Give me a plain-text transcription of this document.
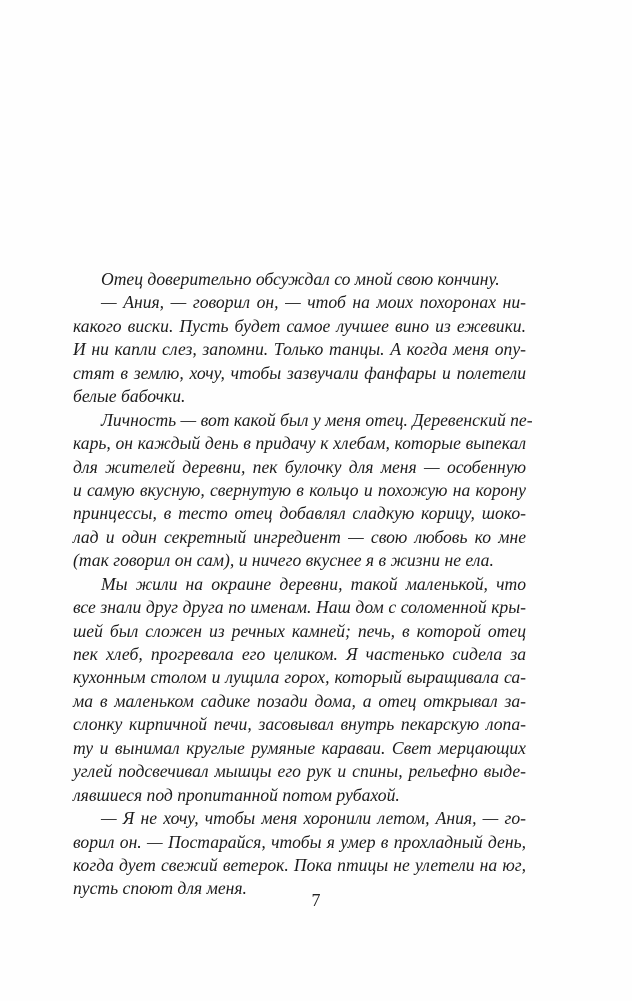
Отец доверительно обсуждал со мной свою кончину.
— Ания, — говорил он, — чтоб на моих похоронах ни-
какого виски. Пусть будет самое лучшее вино из ежевики.
И ни капли слез, запомни. Только танцы. А когда меня опу-
стят в землю, хочу, чтобы зазвучали фанфары и полетели
белые бабочки.
Личность — вот какой был у меня отец. Деревенский пе-
карь, он каждый день в придачу к хлебам, которые выпекал
для жителей деревни, пек булочку для меня — особенную
и самую вкусную, свернутую в кольцо и похожую на корону
принцессы, в тесто отец добавлял сладкую корицу, шоко-
лад и один секретный ингредиент — свою любовь ко мне
(так говорил он сам), и ничего вкуснее я в жизни не ела.
Мы жили на окраине деревни, такой маленькой, что
все знали друг друга по именам. Наш дом с соломенной кры-
шей был сложен из речных камней; печь, в которой отец
пек хлеб, прогревала его целиком. Я частенько сидела за
кухонным столом и лущила горох, который выращивала са-
ма в маленьком садике позади дома, а отец открывал за-
слонку кирпичной печи, засовывал внутрь пекарскую лопа-
ту и вынимал круглые румяные караваи. Свет мерцающих
углей подсвечивал мышцы его рук и спины, рельефно выде-
лявшиеся под пропитанной потом рубахой.
— Я не хочу, чтобы меня хоронили летом, Ания, — го-
ворил он. — Постарайся, чтобы я умер в прохладный день,
когда дует свежий ветерок. Пока птицы не улетели на юг,
пусть споют для меня.
7
